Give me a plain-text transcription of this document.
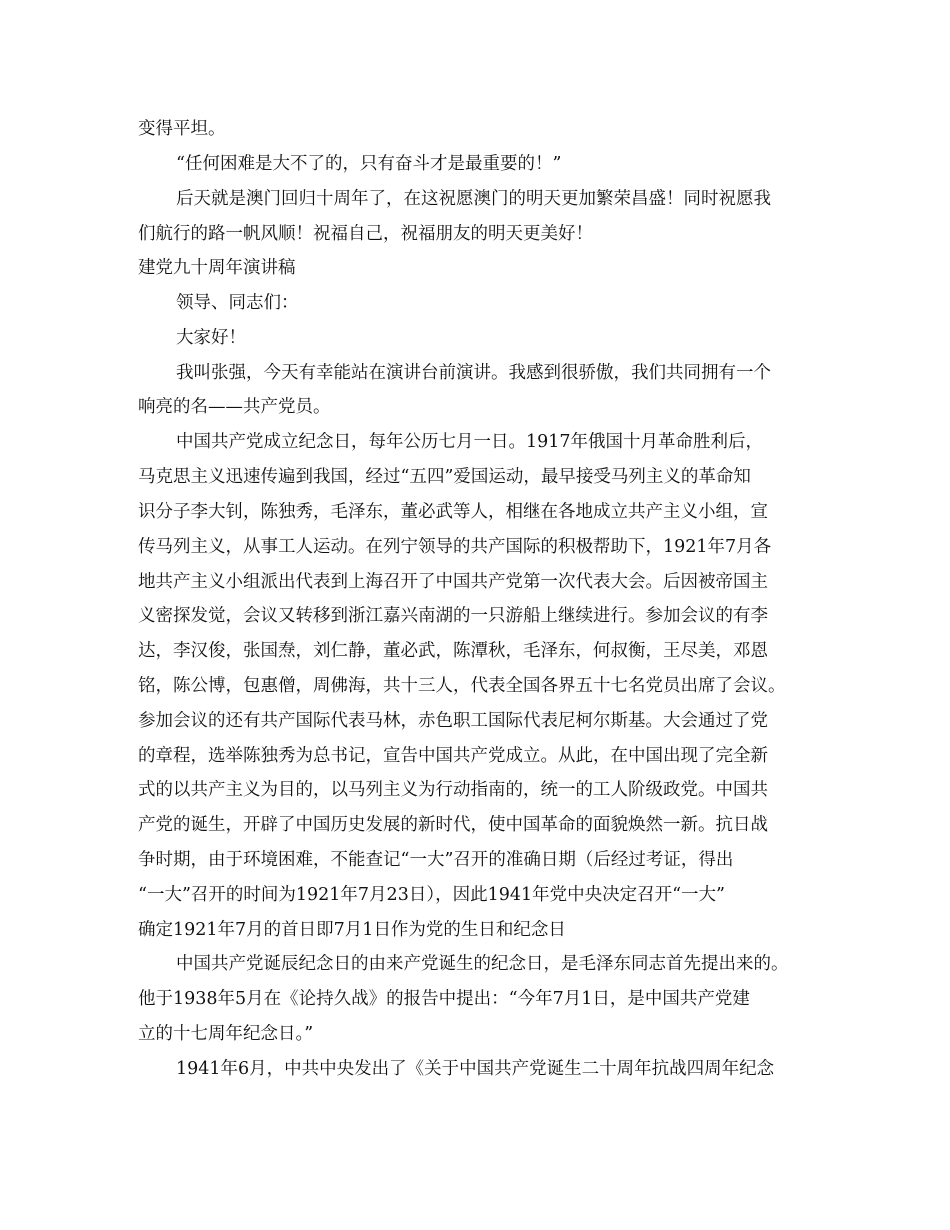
变得平坦。
“任何困难是大不了的，只有奋斗才是最重要的！”
后天就是澳门回归十周年了，在这祝愿澳门的明天更加繁荣昌盛！同时祝愿我
们航行的路一帆风顺！祝福自己，祝福朋友的明天更美好！
建党九十周年演讲稿
领导、同志们：
大家好！
我叫张强，今天有幸能站在演讲台前演讲。我感到很骄傲，我们共同拥有一个
响亮的名——共产党员。
中国共产党成立纪念日，每年公历七月一日。1917年俄国十月革命胜利后，
马克思主义迅速传遍到我国，经过“五四”爱国运动，最早接受马列主义的革命知
识分子李大钊，陈独秀，毛泽东，董必武等人，相继在各地成立共产主义小组，宣
传马列主义，从事工人运动。在列宁领导的共产国际的积极帮助下，1921年7月各
地共产主义小组派出代表到上海召开了中国共产党第一次代表大会。后因被帝国主
义密探发觉，会议又转移到浙江嘉兴南湖的一只游船上继续进行。参加会议的有李
达，李汉俊，张国焘，刘仁静，董必武，陈潭秋，毛泽东，何叔衡，王尽美，邓恩
铭，陈公博，包惠僧，周佛海，共十三人，代表全国各界五十七名党员出席了会议。
参加会议的还有共产国际代表马林，赤色职工国际代表尼柯尔斯基。大会通过了党
的章程，选举陈独秀为总书记，宣告中国共产党成立。从此，在中国出现了完全新
式的以共产主义为目的，以马列主义为行动指南的，统一的工人阶级政党。中国共
产党的诞生，开辟了中国历史发展的新时代，使中国革命的面貌焕然一新。抗日战
争时期，由于环境困难，不能查记“一大”召开的准确日期（后经过考证，得出
“一大”召开的时间为1921年7月23日），因此1941年党中央决定召开“一大”
确定1921年7月的首日即7月1日作为党的生日和纪念日
中国共产党诞辰纪念日的由来产党诞生的纪念日，是毛泽东同志首先提出来的。
他于1938年5月在《论持久战》的报告中提出：“今年7月1日，是中国共产党建
立的十七周年纪念日。”
1941年6月，中共中央发出了《关于中国共产党诞生二十周年抗战四周年纪念
